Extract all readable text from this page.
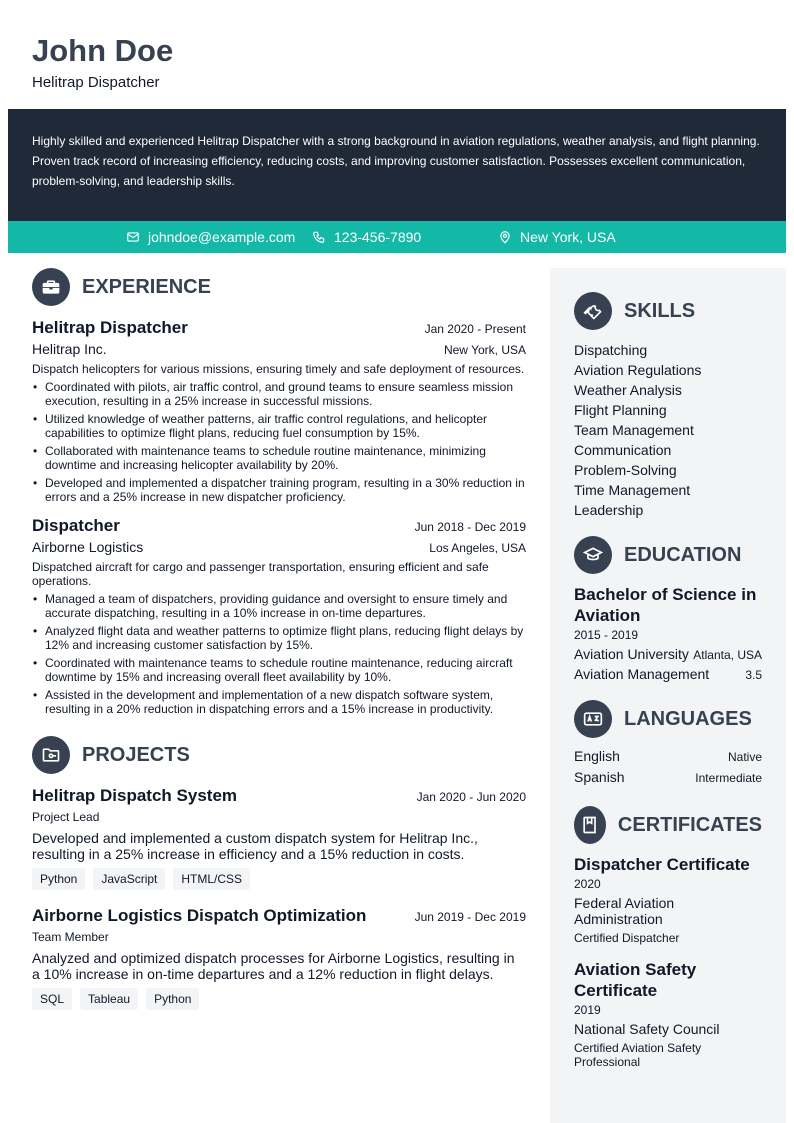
John Doe
Helitrap Dispatcher
Highly skilled and experienced Helitrap Dispatcher with a strong background in aviation regulations, weather analysis, and flight planning. Proven track record of increasing efficiency, reducing costs, and improving customer satisfaction. Possesses excellent communication, problem-solving, and leadership skills.
johndoe@example.com	123-456-7890	New York, USA
EXPERIENCE
Helitrap Dispatcher	Jan 2020 - Present
Helitrap Inc.	New York, USA
Dispatch helicopters for various missions, ensuring timely and safe deployment of resources.
• Coordinated with pilots, air traffic control, and ground teams to ensure seamless mission execution, resulting in a 25% increase in successful missions.
• Utilized knowledge of weather patterns, air traffic control regulations, and helicopter capabilities to optimize flight plans, reducing fuel consumption by 15%.
• Collaborated with maintenance teams to schedule routine maintenance, minimizing downtime and increasing helicopter availability by 20%.
• Developed and implemented a dispatcher training program, resulting in a 30% reduction in errors and a 25% increase in new dispatcher proficiency.
Dispatcher	Jun 2018 - Dec 2019
Airborne Logistics	Los Angeles, USA
Dispatched aircraft for cargo and passenger transportation, ensuring efficient and safe operations.
• Managed a team of dispatchers, providing guidance and oversight to ensure timely and accurate dispatching, resulting in a 10% increase in on-time departures.
• Analyzed flight data and weather patterns to optimize flight plans, reducing flight delays by 12% and increasing customer satisfaction by 15%.
• Coordinated with maintenance teams to schedule routine maintenance, reducing aircraft downtime by 15% and increasing overall fleet availability by 10%.
• Assisted in the development and implementation of a new dispatch software system, resulting in a 20% reduction in dispatching errors and a 15% increase in productivity.
PROJECTS
Helitrap Dispatch System	Jan 2020 - Jun 2020
Project Lead
Developed and implemented a custom dispatch system for Helitrap Inc., resulting in a 25% increase in efficiency and a 15% reduction in costs.
Python	JavaScript	HTML/CSS
Airborne Logistics Dispatch Optimization	Jun 2019 - Dec 2019
Team Member
Analyzed and optimized dispatch processes for Airborne Logistics, resulting in a 10% increase in on-time departures and a 12% reduction in flight delays.
SQL	Tableau	Python
SKILLS
Dispatching
Aviation Regulations
Weather Analysis
Flight Planning
Team Management
Communication
Problem-Solving
Time Management
Leadership
EDUCATION
Bachelor of Science in Aviation
2015 - 2019
Aviation University Atlanta, USA
Aviation Management	3.5
LANGUAGES
English	Native
Spanish	Intermediate
CERTIFICATES
Dispatcher Certificate
2020
Federal Aviation Administration
Certified Dispatcher
Aviation Safety Certificate
2019
National Safety Council
Certified Aviation Safety Professional
